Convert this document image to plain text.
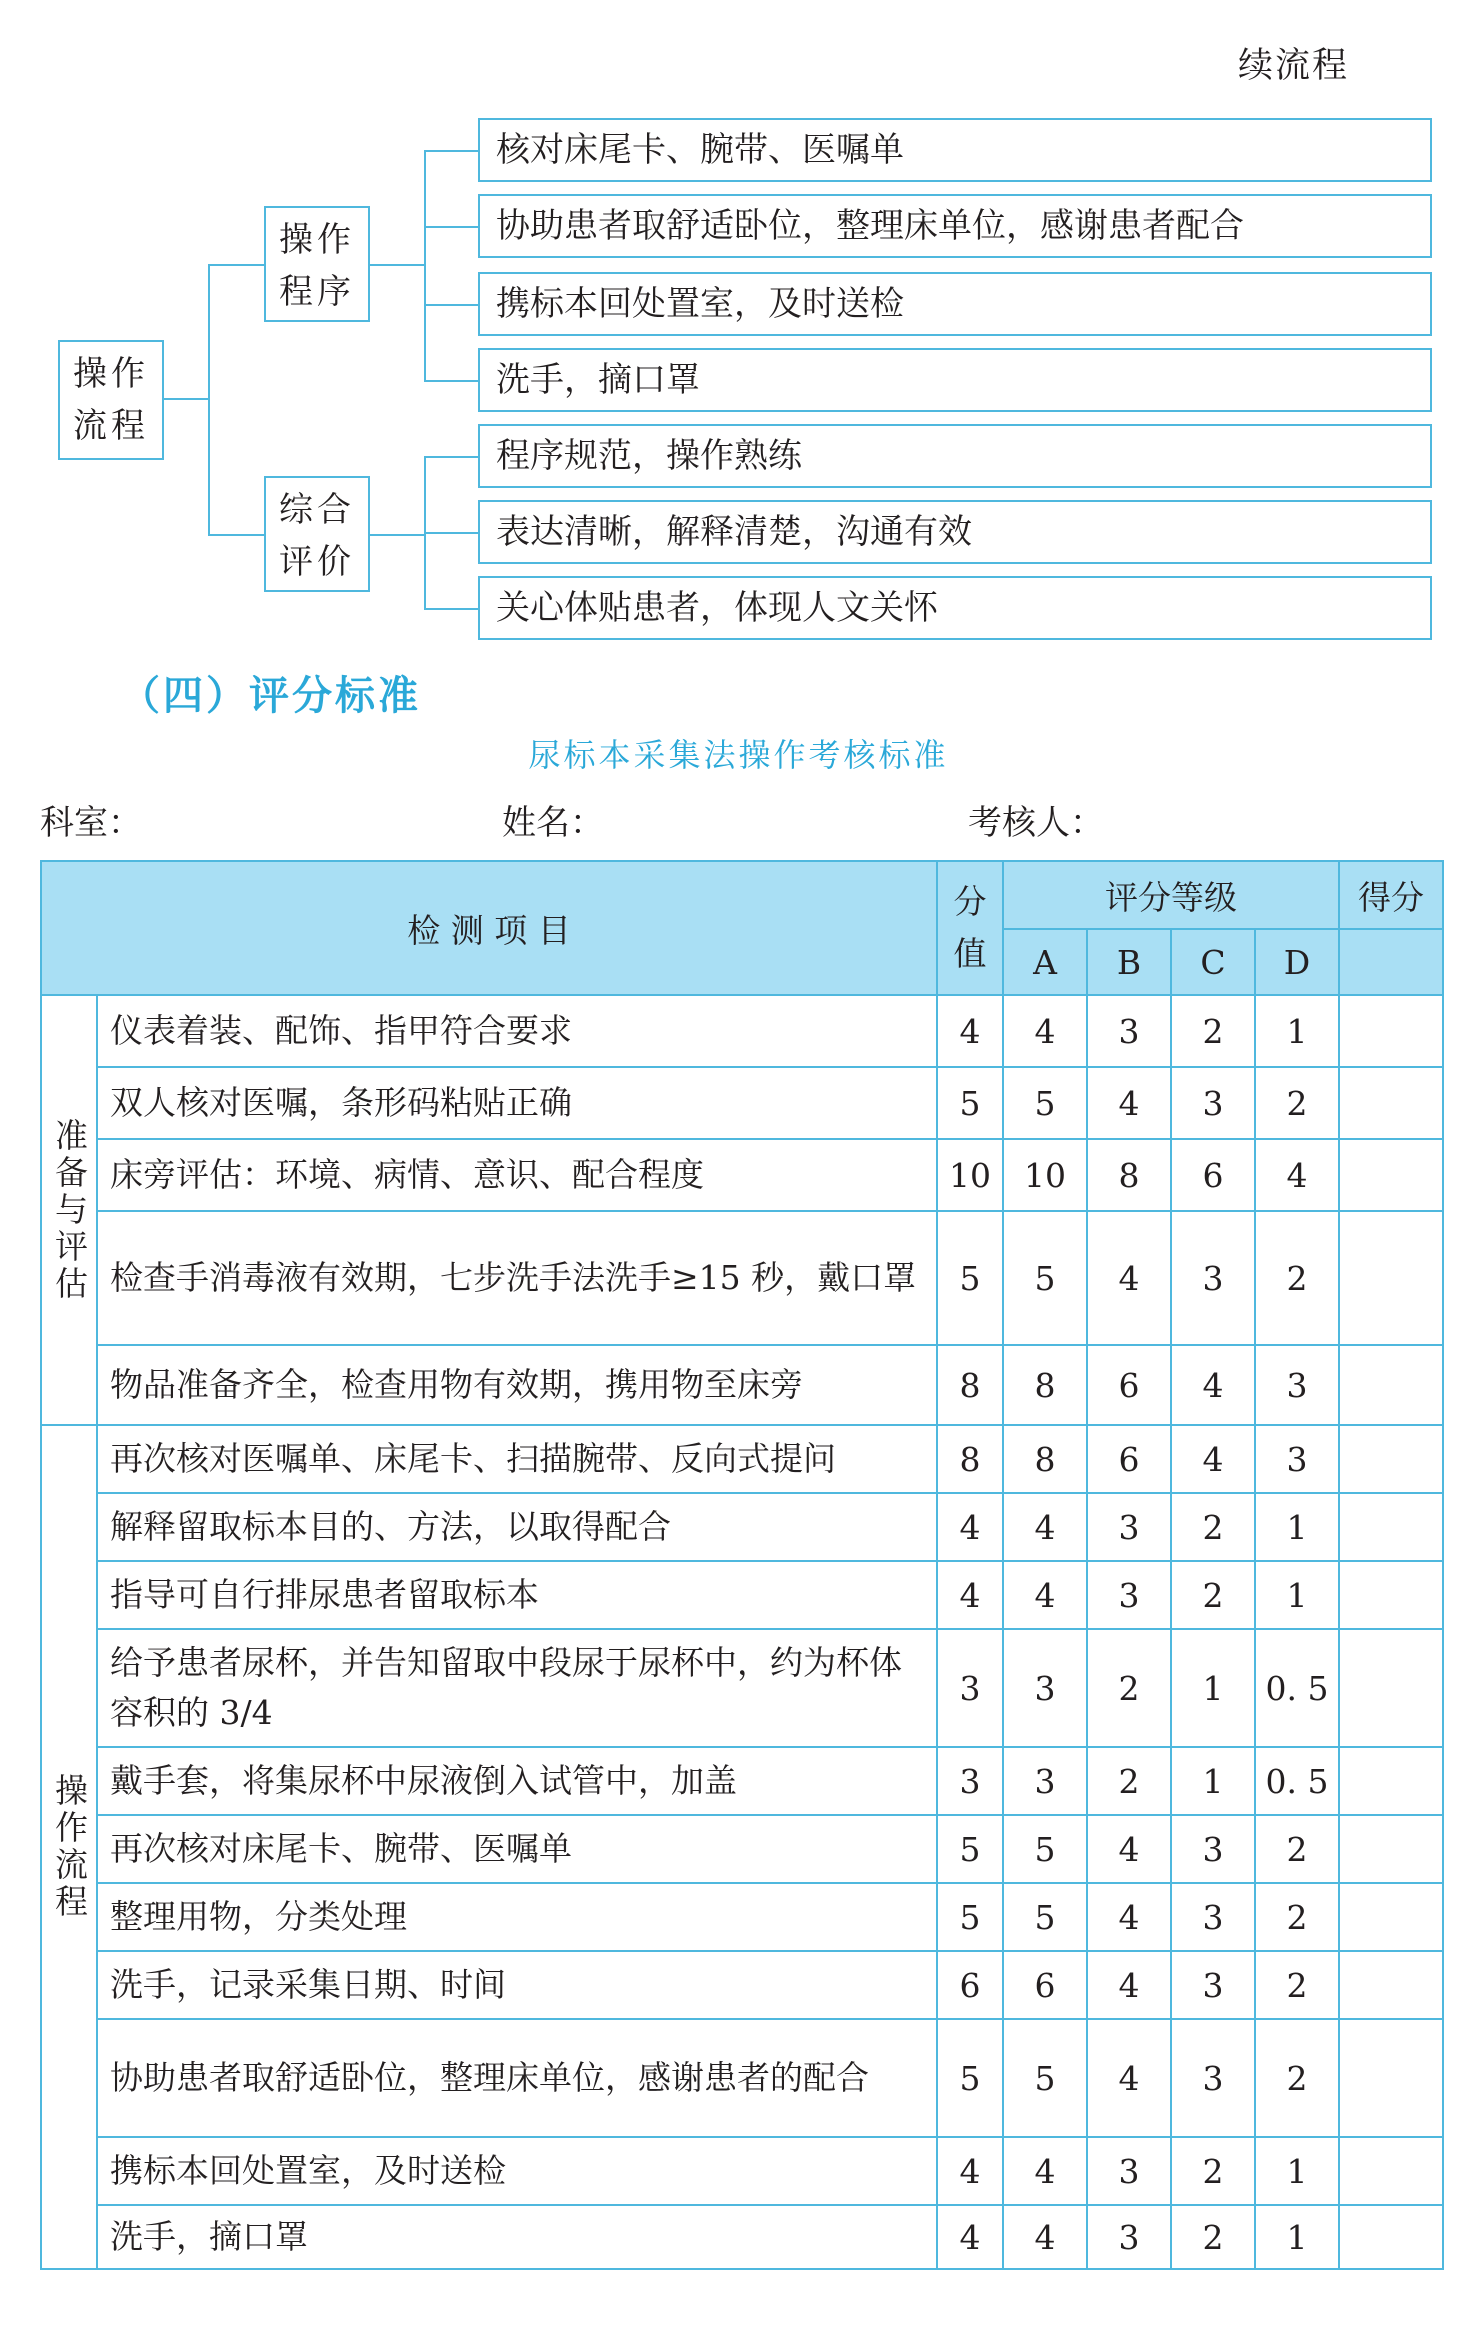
续流程
操作流程
操作程序
综合评价
核对床尾卡、腕带、医嘱单
协助患者取舒适卧位，整理床单位，感谢患者配合
携标本回处置室，及时送检
洗手，摘口罩
程序规范，操作熟练
表达清晰，解释清楚，沟通有效
关心体贴患者，体现人文关怀
（四）评分标准
尿标本采集法操作考核标准
科室：	姓名：	考核人：
检 测 项 目		分值	评分等级				得分
			A	B	C	D	
准备与评估	仪表着装、配饰、指甲符合要求	4	4	3	2	1	
	双人核对医嘱，条形码粘贴正确	5	5	4	3	2	
	床旁评估：环境、病情、意识、配合程度	10	10	8	6	4	
	检查手消毒液有效期，七步洗手法洗手≥15 秒，戴口罩	5	5	4	3	2	
	物品准备齐全，检查用物有效期，携用物至床旁	8	8	6	4	3	
操作流程	再次核对医嘱单、床尾卡、扫描腕带、反向式提问	8	8	6	4	3	
	解释留取标本目的、方法，以取得配合	4	4	3	2	1	
	指导可自行排尿患者留取标本	4	4	3	2	1	
	给予患者尿杯，并告知留取中段尿于尿杯中，约为杯体容积的 3/4	3	3	2	1	0. 5	
	戴手套，将集尿杯中尿液倒入试管中，加盖	3	3	2	1	0. 5	
	再次核对床尾卡、腕带、医嘱单	5	5	4	3	2	
	整理用物，分类处理	5	5	4	3	2	
	洗手，记录采集日期、时间	6	6	4	3	2	
	协助患者取舒适卧位，整理床单位，感谢患者的配合	5	5	4	3	2	
	携标本回处置室，及时送检	4	4	3	2	1	
	洗手，摘口罩	4	4	3	2	1	
